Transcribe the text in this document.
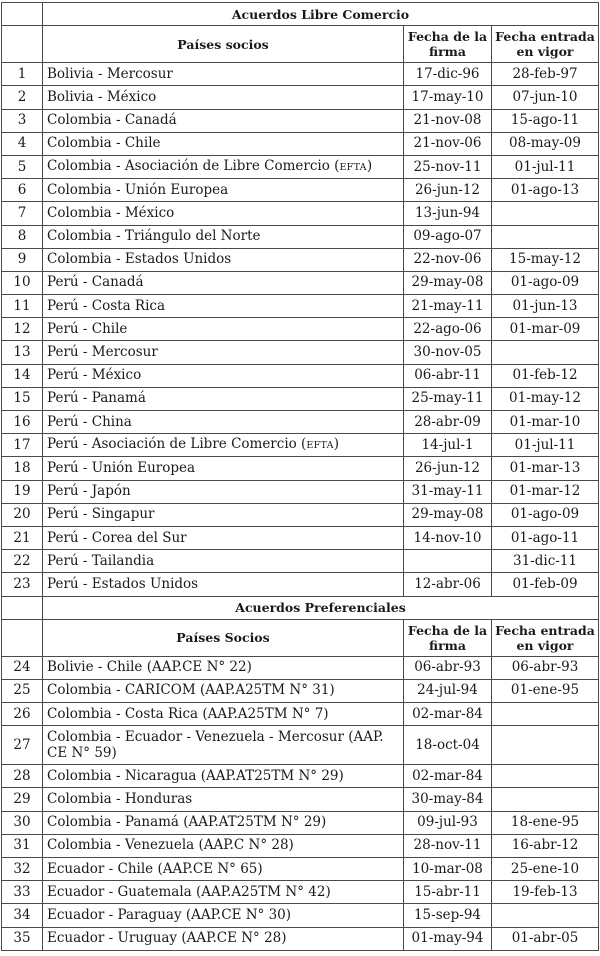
	Acuerdos Libre Comercio		
	Países socios	Fecha de la firma	Fecha entrada en vigor
1	Bolivia - Mercosur	17-dic-96	28-feb-97
2	Bolivia - México	17-may-10	07-jun-10
3	Colombia - Canadá	21-nov-08	15-ago-11
4	Colombia - Chile	21-nov-06	08-may-09
5	Colombia - Asociación de Libre Comercio (EFTA)	25-nov-11	01-jul-11
6	Colombia - Unión Europea	26-jun-12	01-ago-13
7	Colombia - México	13-jun-94	
8	Colombia - Triángulo del Norte	09-ago-07	
9	Colombia - Estados Unidos	22-nov-06	15-may-12
10	Perú - Canadá	29-may-08	01-ago-09
11	Perú - Costa Rica	21-may-11	01-jun-13
12	Perú - Chile	22-ago-06	01-mar-09
13	Perú - Mercosur	30-nov-05	
14	Perú - México	06-abr-11	01-feb-12
15	Perú - Panamá	25-may-11	01-may-12
16	Perú - China	28-abr-09	01-mar-10
17	Perú - Asociación de Libre Comercio (EFTA)	14-jul-1	01-jul-11
18	Perú - Unión Europea	26-jun-12	01-mar-13
19	Perú - Japón	31-may-11	01-mar-12
20	Perú - Singapur	29-may-08	01-ago-09
21	Perú - Corea del Sur	14-nov-10	01-ago-11
22	Perú - Tailandia		31-dic-11
23	Perú - Estados Unidos	12-abr-06	01-feb-09
	Acuerdos Preferenciales		
	Países Socios	Fecha de la firma	Fecha entrada en vigor
24	Bolivie - Chile (AAP.CE N° 22)	06-abr-93	06-abr-93
25	Colombia - CARICOM (AAP.A25TM N° 31)	24-jul-94	01-ene-95
26	Colombia - Costa Rica (AAP.A25TM N° 7)	02-mar-84	
27	Colombia - Ecuador - Venezuela - Mercosur (AAP. CE N° 59)	18-oct-04	
28	Colombia - Nicaragua (AAP.AT25TM N° 29)	02-mar-84	
29	Colombia - Honduras	30-may-84	
30	Colombia - Panamá (AAP.AT25TM N° 29)	09-jul-93	18-ene-95
31	Colombia - Venezuela (AAP.C N° 28)	28-nov-11	16-abr-12
32	Ecuador - Chile (AAP.CE N° 65)	10-mar-08	25-ene-10
33	Ecuador - Guatemala (AAP.A25TM N° 42)	15-abr-11	19-feb-13
34	Ecuador - Paraguay (AAP.CE N° 30)	15-sep-94	
35	Ecuador - Uruguay (AAP.CE N° 28)	01-may-94	01-abr-05
